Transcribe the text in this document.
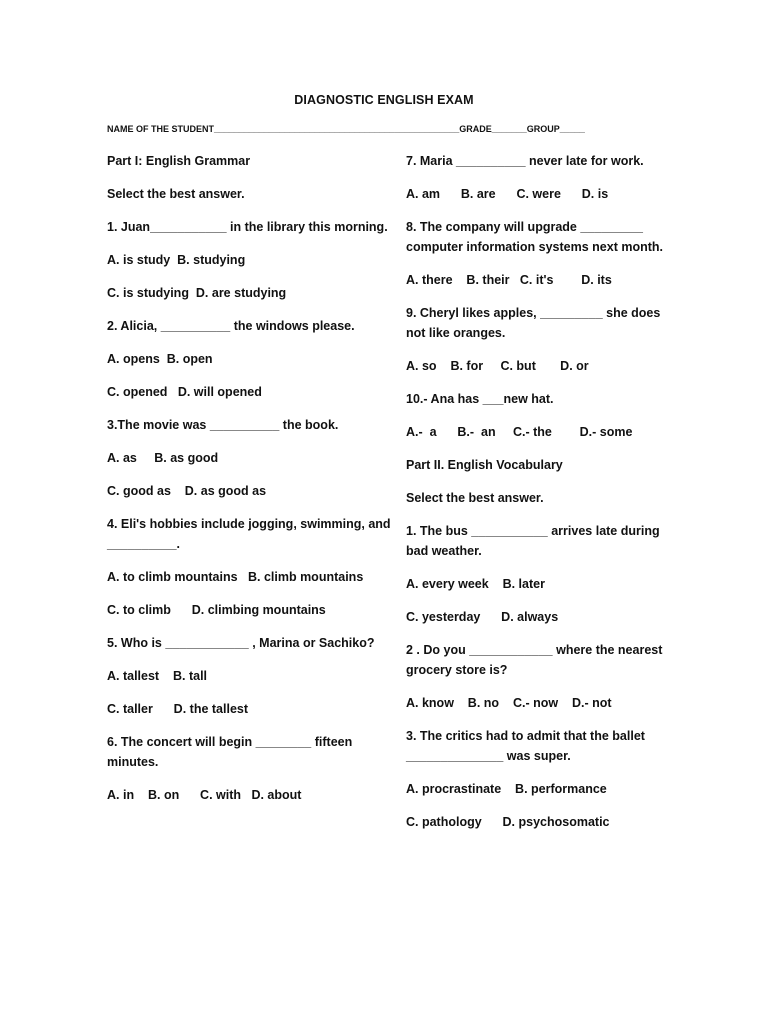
DIAGNOSTIC ENGLISH EXAM
NAME OF THE STUDENT_________________________________________________GRADE_______GROUP_____

Part I: English Grammar

Select the best answer.

1. Juan___________ in the library this morning.

A. is study  B. studying

C. is studying  D. are studying

2. Alicia, __________ the windows please.

A. opens  B. open

C. opened   D. will opened

3.The movie was __________ the book.

A. as     B. as good

C. good as    D. as good as

4. Eli's hobbies include jogging, swimming, and __________.

A. to climb mountains   B. climb mountains

C. to climb      D. climbing mountains

5. Who is ____________ , Marina or Sachiko?

A. tallest    B. tall

C. taller      D. the tallest

6. The concert will begin ________ fifteen minutes.

A. in    B. on      C. with   D. about

7. Maria __________ never late for work.

A. am      B. are      C. were      D. is

8. The company will upgrade _________ computer information systems next month.

A. there    B. their   C. it's        D. its

9. Cheryl likes apples, _________ she does not like oranges.

A. so    B. for     C. but       D. or

10.- Ana has ___new hat.

A.-  a      B.-  an     C.- the        D.- some

Part II. English Vocabulary

Select the best answer.

1. The bus ___________ arrives late during bad weather.

A. every week    B. later

C. yesterday      D. always

2 . Do you ____________ where the nearest grocery store is?

A. know    B. no    C.- now    D.- not

3. The critics had to admit that the ballet ______________ was super.

A. procrastinate    B. performance

C. pathology      D. psychosomatic
